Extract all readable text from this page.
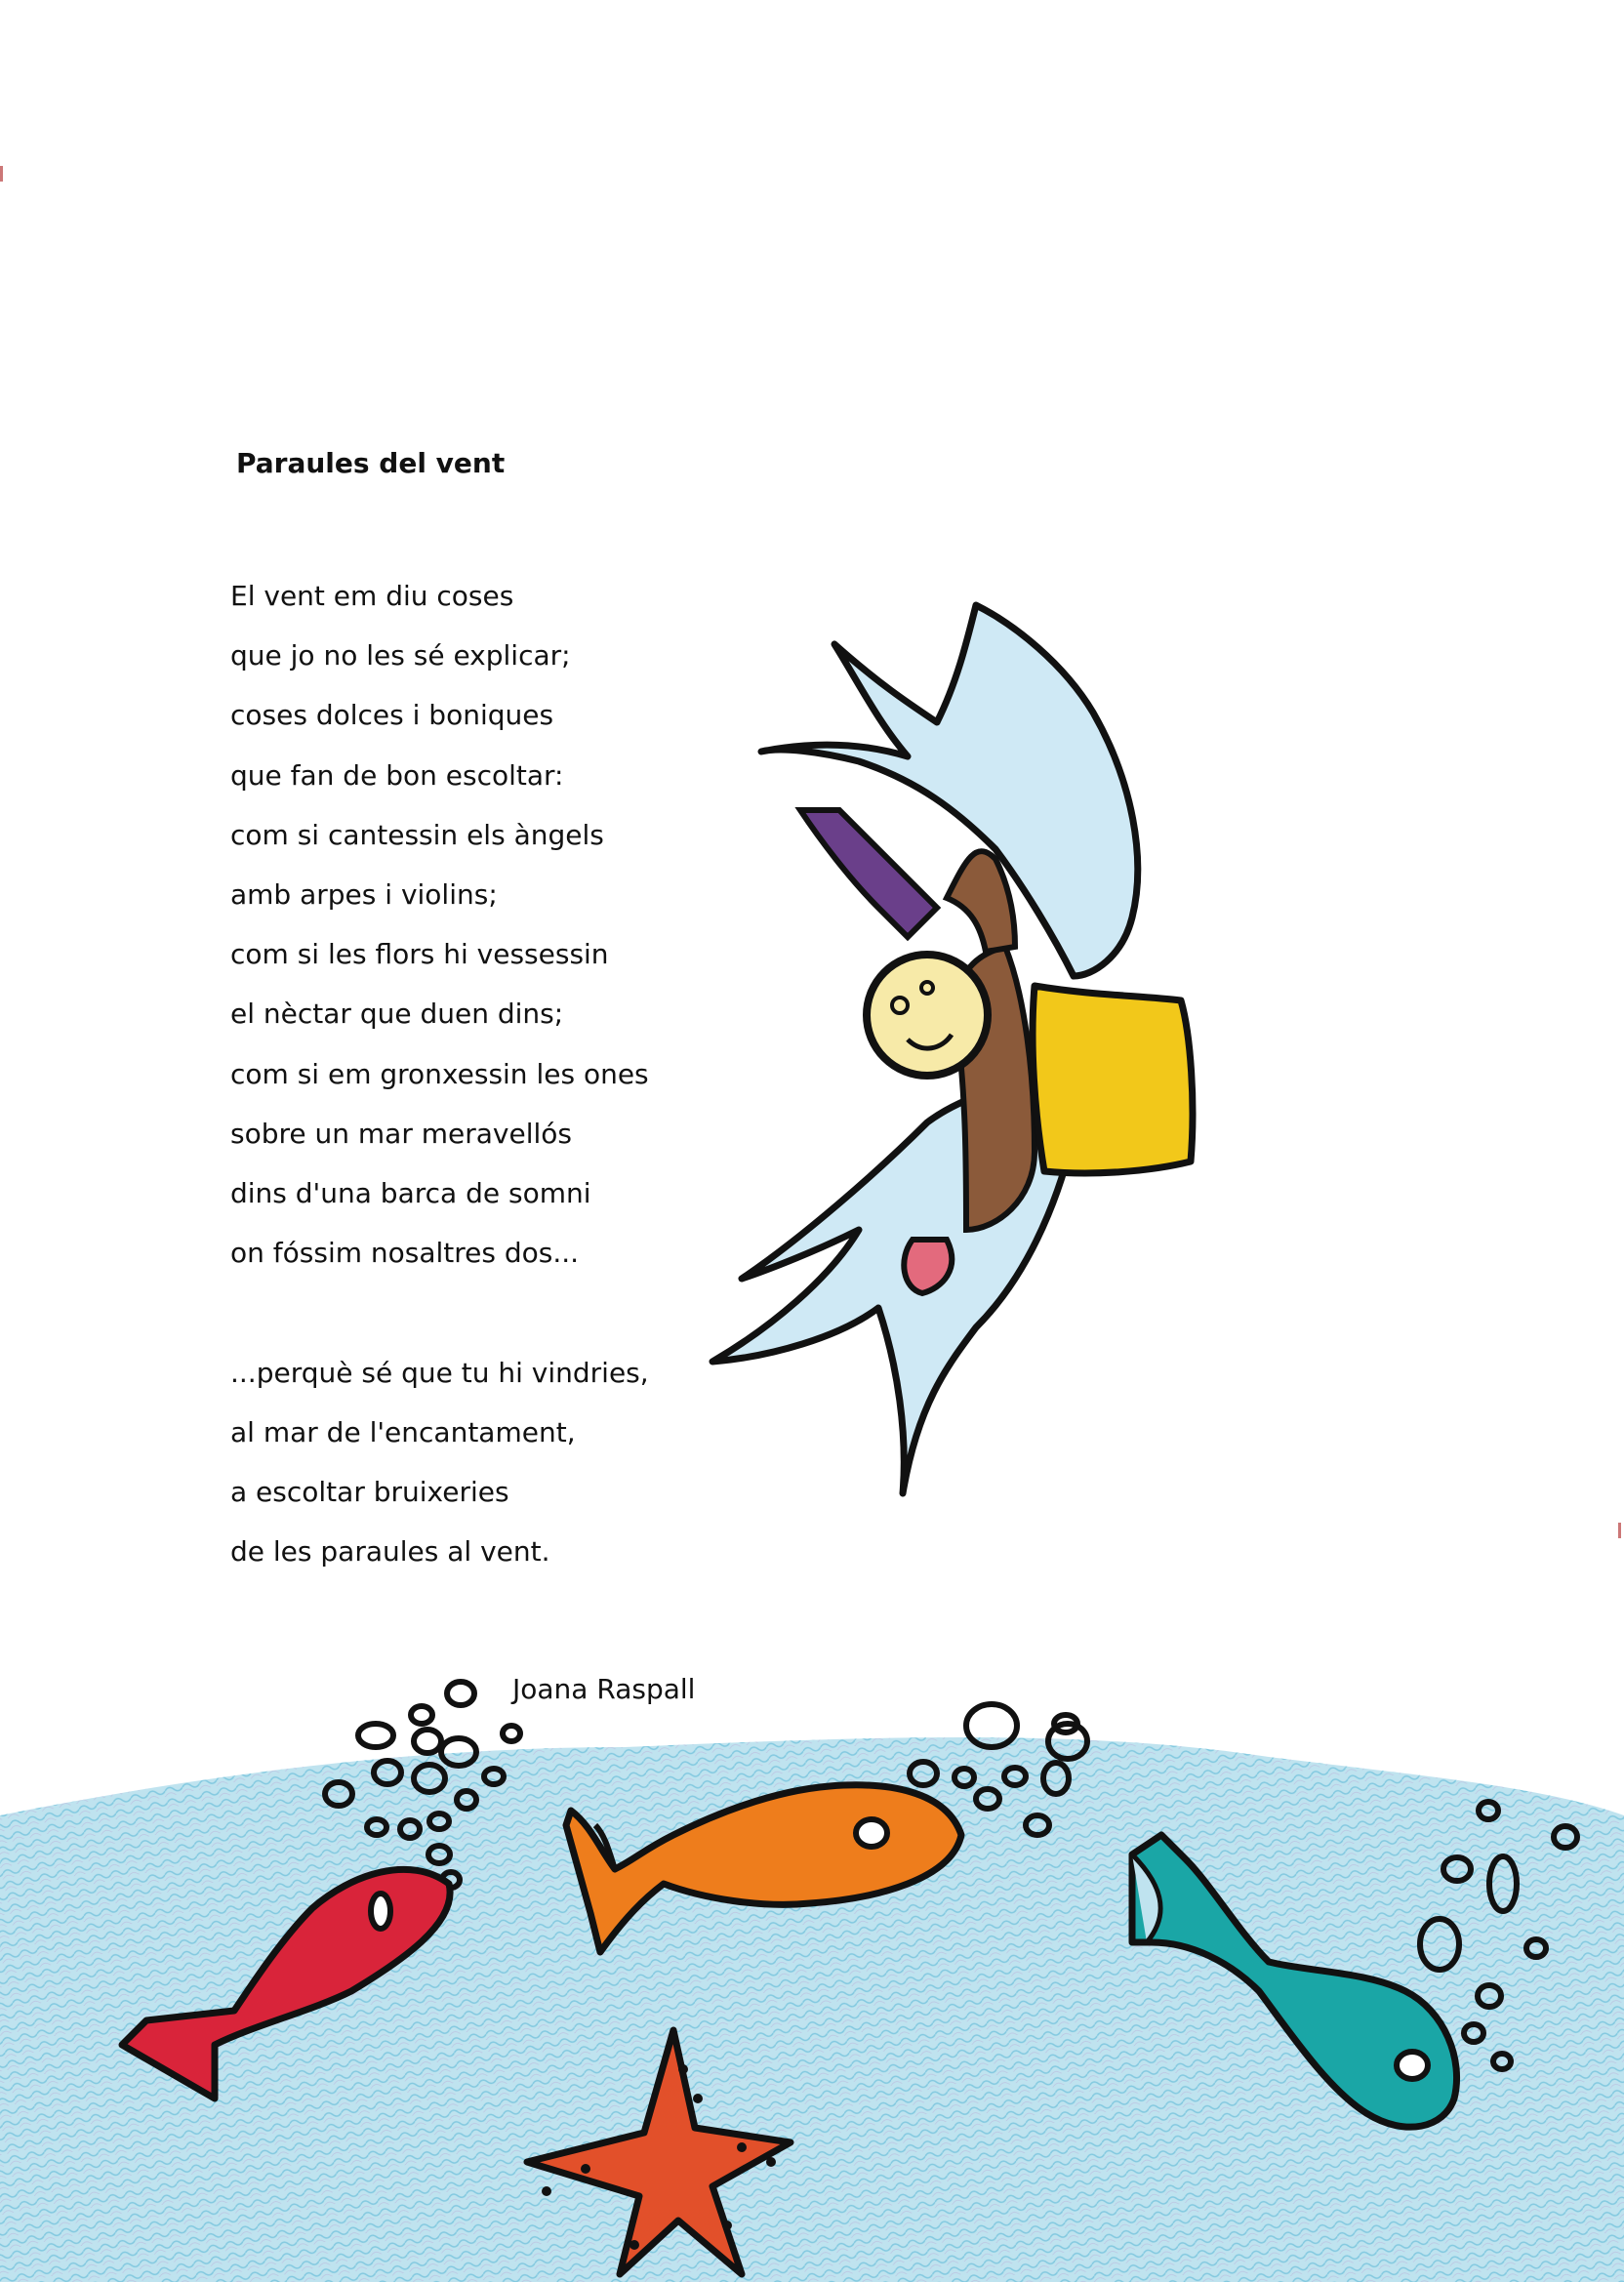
Paraules del vent
El vent em diu coses
que jo no les sé explicar;
coses dolces i boniques
que fan de bon escoltar:
com si cantessin els àngels
amb arpes i violins;
com si les flors hi vessessin
el nèctar que duen dins;
com si em gronxessin les ones
sobre un mar meravellós
dins d'una barca de somni
on fóssim nosaltres dos...
...perquè sé que tu hi vindries,
al mar de l'encantament,
a escoltar bruixeries
de les paraules al vent.
Joana Raspall
